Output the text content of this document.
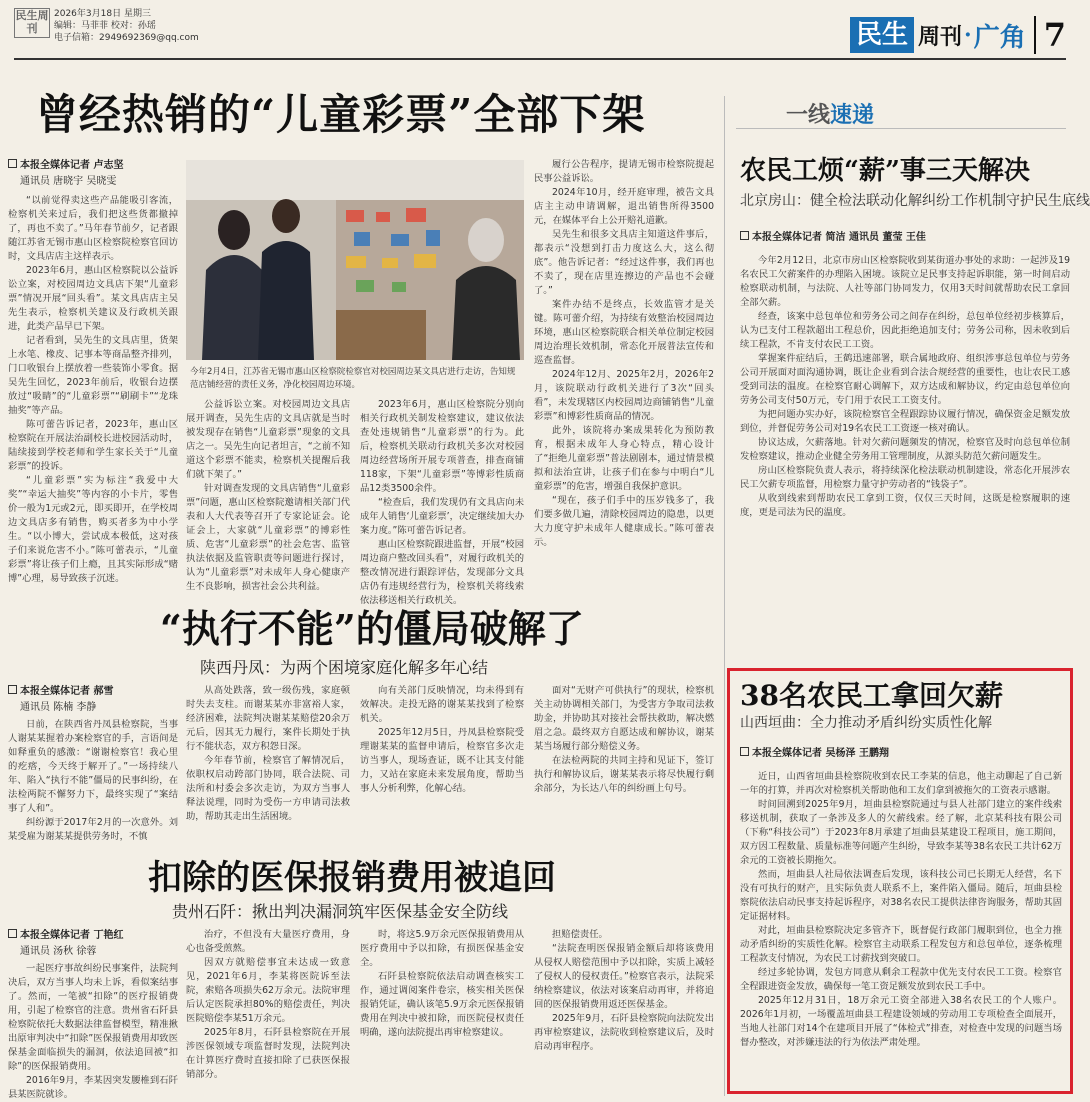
民生周刊
2026年3月18日 星期三
编辑：马菲菲 校对：孙瑶
电子信箱：2949692369@qq.com	民生 周刊 · 广角 7
曾经热销的“儿童彩票”全部下架
本报全媒体记者 卢志坚
通讯员 唐晓宇 吴晓雯

“以前觉得卖这些产品能吸引客流，检察机关来过后，我们把这些货都撤掉了，再也不卖了。”马年春节前夕，记者跟随江苏省无锡市惠山区检察院检察官回访时，文具店店主这样表示。

2023年6月，惠山区检察院以公益诉讼立案，对校园周边文具店下架“儿童彩票”情况开展“回头看”。某文具店店主吴先生表示，检察机关建议及行政机关跟进，此类产品早已下架。

记者看到，吴先生的文具店里，货架上水笔、橡皮、记事本等商品整齐排列，门口收银台上摆放着一些装饰小零食。据吴先生回忆，2023年前后，收银台边摆放过“吸睛”的“儿童彩票”“刷刷卡”“龙珠抽奖”等产品。

陈可蕾告诉记者，2023年，惠山区检察院在开展法治副校长进校园活动时，陆续接到学校老师和学生家长关于“儿童彩票”的投诉。

“儿童彩票”实为标注“我爱中大奖”“幸运大抽奖”等内容的小卡片，零售价一般为1元或2元，即买即开，在学校周边文具店多有销售，购买者多为中小学生。“以小博大，尝试成本极低，这对孩子们来说危害不小。”陈可蕾表示，“儿童彩票”将让孩子们上瘾，且其实际形成“赌博”心理，易导致孩子沉迷。

今年2月4日，江苏省无锡市惠山区检察院检察官对校园周边某文具店进行走访，告知规范店铺经营的责任义务，净化校园周边环境。

公益诉讼立案。对校园周边文具店展开调查，吴先生店的文具店就是当时被发现存在销售“儿童彩票”现象的文具店之一。吴先生向记者坦言，“之前不知道这个彩票不能卖，检察机关提醒后我们就下架了。”

针对调查发现的文具店销售“儿童彩票”问题，惠山区检察院邀请相关部门代表和人大代表等召开了专家论证会。论证会上，大家就“儿童彩票”的博彩性质、危害“儿童彩票”的社会危害、监管执法依据及监管职责等问题进行探讨，认为“儿童彩票”对未成年人身心健康产生不良影响，损害社会公共利益。

2023年6月，惠山区检察院分别向相关行政机关制发检察建议，建议依法查处违规销售“儿童彩票”的行为。此后，检察机关联动行政机关多次对校园周边经营场所开展专项普查，排查商铺118家，下架“儿童彩票”等博彩性质商品12类3500余件。

“检查后，我们发现仍有文具店向未成年人销售‘儿童彩票’，决定继续加大办案力度。”陈可蕾告诉记者。

惠山区检察院跟进监督，开展“校园周边商户整改回头看”，对履行政机关的整改情况进行跟踪评估，发现部分文具店仍有违规经营行为，检察机关将线索依法移送相关行政机关。

履行公告程序，提请无锡市检察院提起民事公益诉讼。

2024年10月，经开庭审理，被告文具店主主动申请调解，退出销售所得3500元，在媒体平台上公开赔礼道歉。

吴先生和很多文具店主知道这件事后，都表示“没想到打击力度这么大，这么彻底”。他告诉记者：“经过这件事，我们再也不卖了，现在店里连擦边的产品也不会碰了。”

案件办结不是终点，长效监管才是关键。陈可蕾介绍，为持续有效整治校园周边环境，惠山区检察院联合相关单位制定校园周边治理长效机制，常态化开展普法宣传和巡查监督。

2024年12月、2025年2月，2026年2月，该院联动行政机关进行了3次“回头看”，未发现辖区内校园周边商铺销售“儿童彩票”和博彩性质商品的情况。

此外，该院将办案成果转化为预防教育，根据未成年人身心特点，精心设计了“拒绝儿童彩票”普法剧剧本，通过情景模拟和法治宣讲，让孩子们在参与中明白“儿童彩票”的危害，增强自我保护意识。

“现在，孩子们手中的压岁钱多了，我们要多做几遍，清除校园周边的隐患，以更大力度守护未成年人健康成长。”陈可蕾表示。

“执行不能”的僵局破解了
陕西丹凤：为两个困境家庭化解多年心结
本报全媒体记者 郝雪
通讯员 陈楠 李静

日前，在陕西省丹凤县检察院，当事人谢某某握着办案检察官的手，言语间是如释重负的感激：“谢谢检察官！我心里的疙瘩，今天终于解开了。”一场持续八年、陷入“执行不能”僵局的民事纠纷，在法检两院不懈努力下，最终实现了“案结事了人和”。

纠纷源于2017年2月的一次意外。刘某受雇为谢某某提供劳务时，不慎

从高处跌落，致一级伤残，家庭顿时失去支柱。而谢某某亦非富裕人家，经济困难，法院判决谢某某赔偿20余万元后，因其无力履行，案件长期处于执行不能状态，双方积怨日深。

今年春节前，检察官了解情况后，依职权启动跨部门协同，联合法院、司法所和村委会多次走访，为双方当事人释法说理，同时为受伤一方申请司法救助，帮助其走出生活困境。

向有关部门反映情况，均未得到有效解决。走投无路的谢某某找到了检察机关。

2025年12月5日，丹凤县检察院受理谢某某的监督申请后，检察官多次走访当事人，现场查证，既不让其支付能力，又站在家庭未来发展角度，帮助当事人分析利弊，化解心结。

面对“无财产可供执行”的现状，检察机关主动协调相关部门，为受害方争取司法救助金，并协助其对接社会帮扶救助，解决燃眉之急。最终双方自愿达成和解协议，谢某某当场履行部分赔偿义务。

在法检两院的共同主持和见证下，签订执行和解协议后，谢某某表示将尽快履行剩余部分，为长达八年的纠纷画上句号。

扣除的医保报销费用被追回
贵州石阡：揪出判决漏洞筑牢医保基金安全防线
本报全媒体记者 丁艳红
通讯员 汤秋 徐蓉

一起医疗事故纠纷民事案件，法院判决后，双方当事人均未上诉，看似案结事了。然而，一笔被“扣除”的医疗报销费用，引起了检察官的注意。贵州省石阡县检察院依托大数据法律监督模型，精准揪出原审判决中“扣除”医保报销费用却致医保基金面临损失的漏洞，依法追回被“扣除”的医保报销费用。

2016年9月，李某因突发腰椎到石阡县某医院就诊。

治疗，不但没有大量医疗费用，身心也备受煎熬。

因双方就赔偿事宜未达成一致意见，2021年6月，李某将医院诉至法院，索赔各项损失62万余元。法院审理后认定医院承担80%的赔偿责任，判决医院赔偿李某51万余元。

2025年8月，石阡县检察院在开展涉医保领域专项监督时发现，法院判决在计算医疗费时直接扣除了已获医保报销部分。

时，将这5.9万余元医保报销费用从医疗费用中予以扣除，有损医保基金安全。

石阡县检察院依法启动调查核实工作，通过调阅案件卷宗，核实相关医保报销凭证，确认该笔5.9万余元医保报销费用在判决中被扣除，而医院侵权责任明确，遂向法院提出再审检察建议。

担赔偿责任。

“法院查明医保报销金额后却将该费用从侵权人赔偿范围中予以扣除，实质上减轻了侵权人的侵权责任。”检察官表示，法院采纳检察建议，依法对该案启动再审，并将追回的医保报销费用返还医保基金。

2025年9月，石阡县检察院向法院发出再审检察建议，法院收到检察建议后，及时启动再审程序。

一线速递
农民工烦“薪”事三天解决
北京房山：健全检法联动化解纠纷工作机制守护民生底线
本报全媒体记者 简洁 通讯员 董莹 王佳

今年2月12日，北京市房山区检察院收到某街道办事处的求助：一起涉及19名农民工欠薪案件的办理陷入困境。该院立足民事支持起诉职能，第一时间启动检察联动机制，与法院、人社等部门协同发力，仅用3天时间就帮助农民工拿回全部欠薪。

经查，该案中总包单位和劳务公司之间存在纠纷，总包单位经初步核算后，认为已支付工程款超出工程总价，因此拒绝追加支付；劳务公司称，因未收到后续工程款，不肯支付农民工工资。

掌握案件症结后，王鹤迅速部署，联合属地政府、组织涉事总包单位与劳务公司开展面对面沟通协调，既让企业看到合法合规经营的重要性，也让农民工感受到司法的温度。在检察官耐心调解下，双方达成和解协议，约定由总包单位向劳务公司支付50万元，专门用于农民工工资支付。

为把问题办实办好，该院检察官全程跟踪协议履行情况，确保资金足额发放到位，并督促劳务公司对19名农民工工资逐一核对确认。

协议达成，欠薪落地。针对欠薪问题频发的情况，检察官及时向总包单位制发检察建议，推动企业健全劳务用工管理制度，从源头防范欠薪问题发生。

房山区检察院负责人表示，将持续深化检法联动机制建设，常态化开展涉农民工欠薪专项监督，用检察力量守护劳动者的“钱袋子”。

从收到线索到帮助农民工拿到工资，仅仅三天时间，这既是检察履职的速度，更是司法为民的温度。

38名农民工拿回欠薪
山西垣曲：全力推动矛盾纠纷实质性化解
本报全媒体记者 吴杨泽 王鹏翔

近日，山西省垣曲县检察院收到农民工李某的信息，他主动聊起了自己新一年的打算，并再次对检察机关帮助他和工友们拿到被拖欠的工资表示感谢。

时间回溯到2025年9月，垣曲县检察院通过与县人社部门建立的案件线索移送机制，获取了一条涉及多人的欠薪线索。经了解，北京某科技有限公司（下称“科技公司”）于2023年8月承建了垣曲县某建设工程项目，施工期间，双方因工程数量、质量标准等问题产生纠纷，导致李某等38名农民工共计62万余元的工资被长期拖欠。

然而，垣曲县人社局依法调查后发现，该科技公司已长期无人经营，名下没有可执行的财产，且实际负责人联系不上，案件陷入僵局。随后，垣曲县检察院依法启动民事支持起诉程序，对38名农民工提供法律咨询服务，帮助其固定证据材料。

对此，垣曲县检察院决定多管齐下，既督促行政部门履职到位，也全力推动矛盾纠纷的实质性化解。检察官主动联系工程发包方和总包单位，逐条梳理工程款支付情况，为农民工讨薪找到突破口。

经过多轮协调，发包方同意从剩余工程款中优先支付农民工工资。检察官全程跟进资金发放，确保每一笔工资足额发放到农民工手中。

2025年12月31日，18万余元工资全部进入38名农民工的个人账户。2026年1月初，一场覆盖垣曲县工程建设领域的劳动用工专项检查全面展开，当地人社部门对14个在建项目开展了“体检式”排查，对检查中发现的问题当场督办整改，对涉嫌违法的行为依法严肃处理。
